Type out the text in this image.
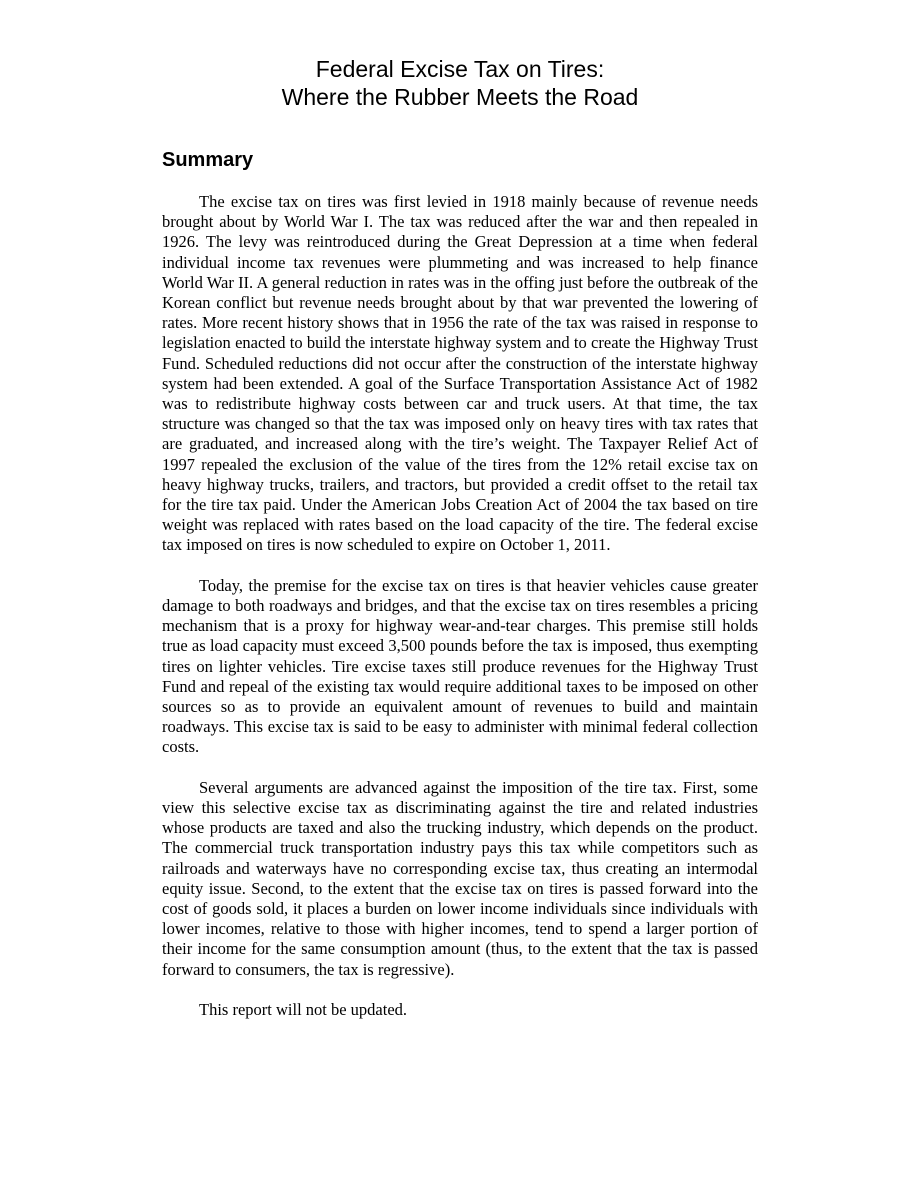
Federal Excise Tax on Tires:
Where the Rubber Meets the Road
Summary

The excise tax on tires was first levied in 1918 mainly because of revenue needs brought about by World War I. The tax was reduced after the war and then repealed in 1926. The levy was reintroduced during the Great Depression at a time when federal individual income tax revenues were plummeting and was increased to help finance World War II. A general reduction in rates was in the offing just before the outbreak of the Korean conflict but revenue needs brought about by that war prevented the lowering of rates. More recent history shows that in 1956 the rate of the tax was raised in response to legislation enacted to build the interstate highway system and to create the Highway Trust Fund. Scheduled reductions did not occur after the construction of the interstate highway system had been extended. A goal of the Surface Transportation Assistance Act of 1982 was to redistribute highway costs between car and truck users. At that time, the tax structure was changed so that the tax was imposed only on heavy tires with tax rates that are graduated, and increased along with the tire’s weight. The Taxpayer Relief Act of 1997 repealed the exclusion of the value of the tires from the 12% retail excise tax on heavy highway trucks, trailers, and tractors, but provided a credit offset to the retail tax for the tire tax paid. Under the American Jobs Creation Act of 2004 the tax based on tire weight was replaced with rates based on the load capacity of the tire. The federal excise tax imposed on tires is now scheduled to expire on October 1, 2011.

Today, the premise for the excise tax on tires is that heavier vehicles cause greater damage to both roadways and bridges, and that the excise tax on tires resembles a pricing mechanism that is a proxy for highway wear-and-tear charges. This premise still holds true as load capacity must exceed 3,500 pounds before the tax is imposed, thus exempting tires on lighter vehicles. Tire excise taxes still produce revenues for the Highway Trust Fund and repeal of the existing tax would require additional taxes to be imposed on other sources so as to provide an equivalent amount of revenues to build and maintain roadways. This excise tax is said to be easy to administer with minimal federal collection costs.

Several arguments are advanced against the imposition of the tire tax. First, some view this selective excise tax as discriminating against the tire and related industries whose products are taxed and also the trucking industry, which depends on the product. The commercial truck transportation industry pays this tax while competitors such as railroads and waterways have no corresponding excise tax, thus creating an intermodal equity issue. Second, to the extent that the excise tax on tires is passed forward into the cost of goods sold, it places a burden on lower income individuals since individuals with lower incomes, relative to those with higher incomes, tend to spend a larger portion of their income for the same consumption amount (thus, to the extent that the tax is passed forward to consumers, the tax is regressive).

This report will not be updated.
